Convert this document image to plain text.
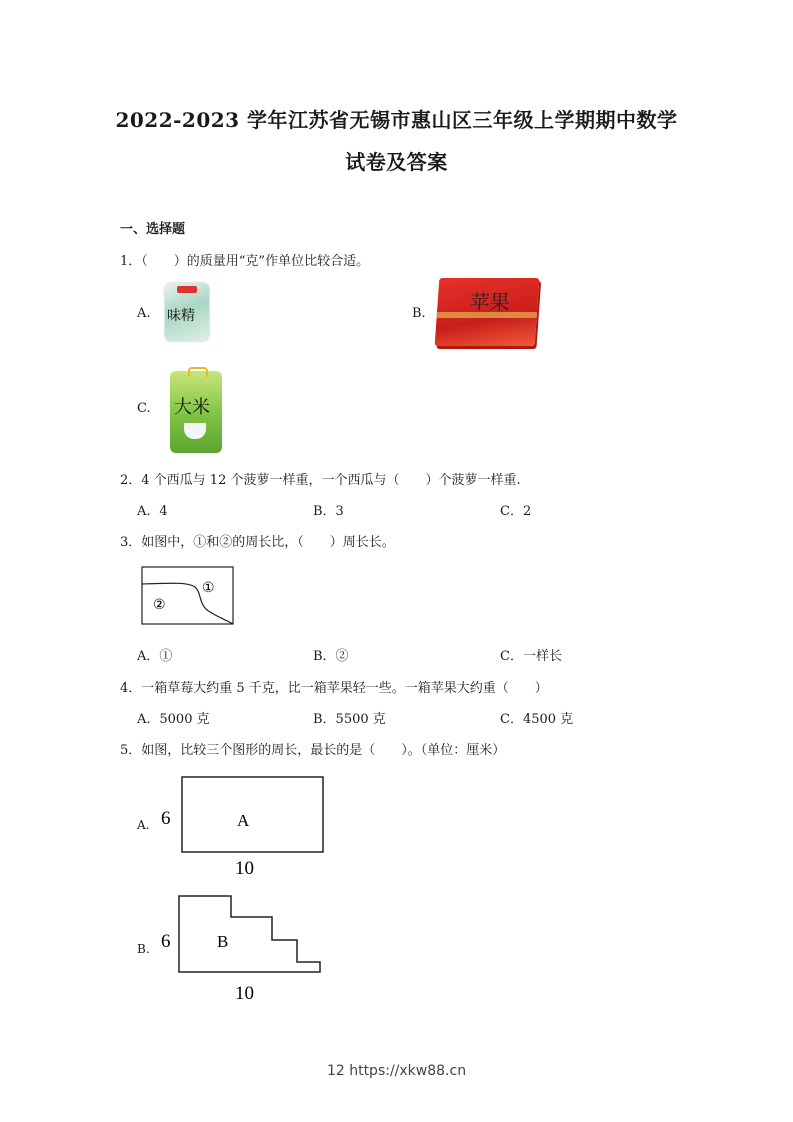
2022-2023 学年江苏省无锡市惠山区三年级上学期期中数学
试卷及答案
一、选择题
1．（　　）的质量用“克”作单位比较合适。
A. 味精	B. 苹果
C. 大米
2．4 个西瓜与 12 个菠萝一样重，一个西瓜与（　　）个菠萝一样重.
A．4	B．3	C．2
3．如图中，①和②的周长比，（　　）周长长。
①
②
A．①	B．②	C．一样长
4．一箱草莓大约重 5 千克，比一箱苹果轻一些。一箱苹果大约重（　　）
A．5000 克	B．5500 克	C．4500 克
5．如图，比较三个图形的周长，最长的是（　　）。（单位：厘米）
A. 6	A
10
B. 6	B
10
12 https://xkw88.cn
